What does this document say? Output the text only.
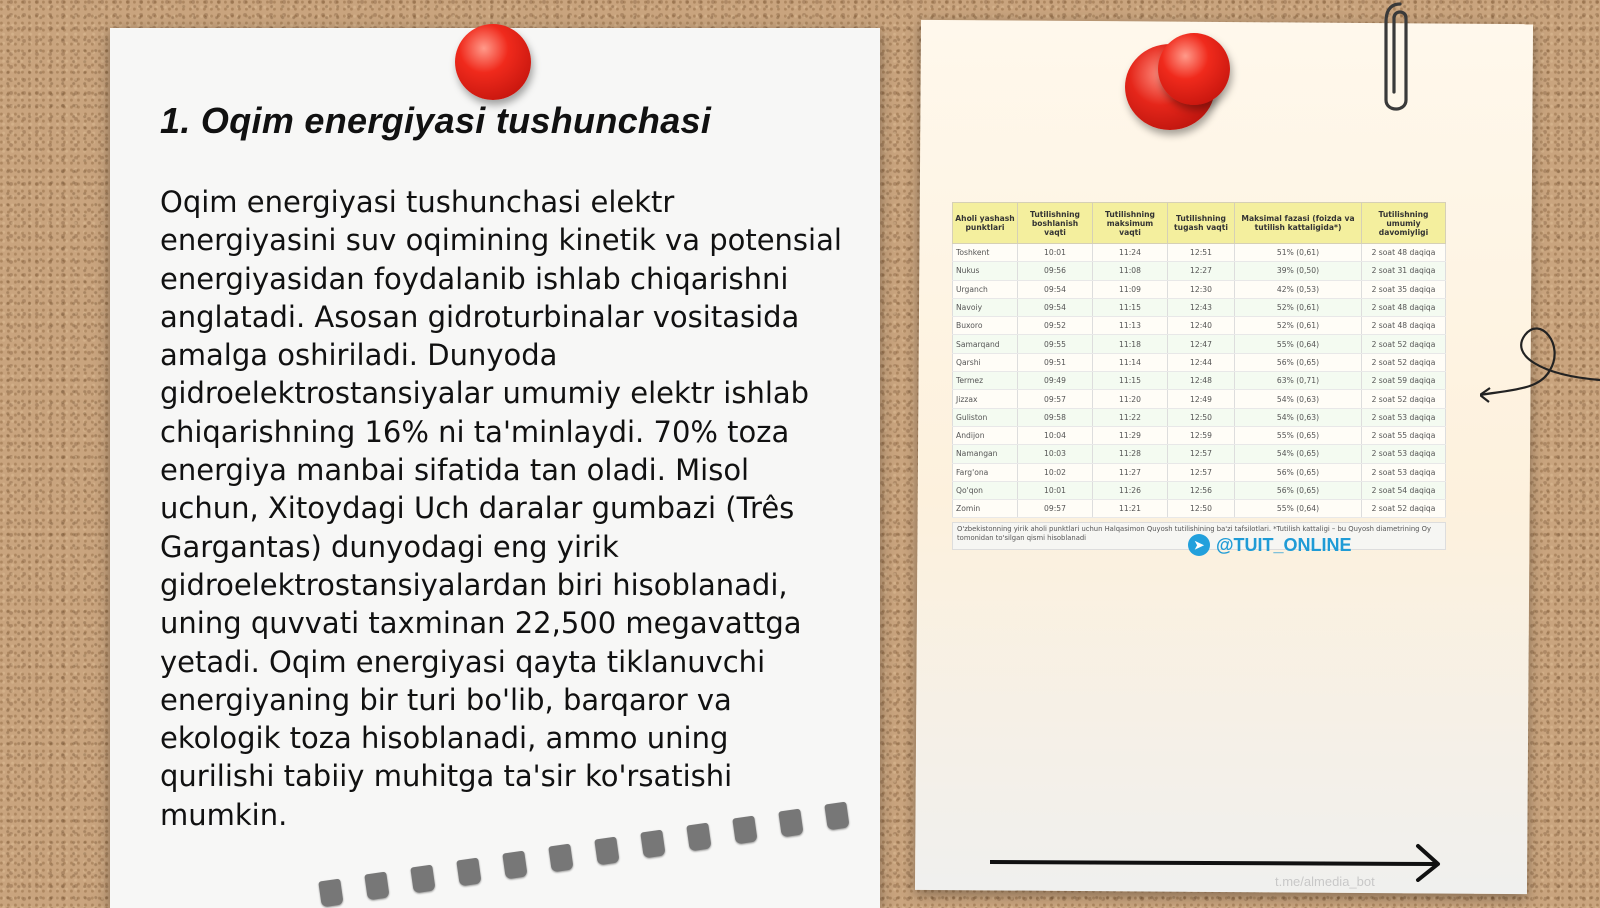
1. Oqim energiyasi tushunchasi

Oqim energiyasi tushunchasi elektr energiyasini suv oqimining kinetik va potensial energiyasidan foydalanib ishlab chiqarishni anglatadi. Asosan gidroturbinalar vositasida amalga oshiriladi. Dunyoda gidroelektrostansiyalar umumiy elektr ishlab chiqarishning 16% ni ta'minlaydi. 70% toza energiya manbai sifatida tan oladi. Misol uchun, Xitoydagi Uch daralar gumbazi (Três Gargantas) dunyodagi eng yirik gidroelektrostansiyalardan biri hisoblanadi, uning quvvati taxminan 22,500 megavattga yetadi. Oqim energiyasi qayta tiklanuvchi energiyaning bir turi bo'lib, barqaror va ekologik toza hisoblanadi, ammo uning qurilishi tabiiy muhitga ta'sir ko'rsatishi mumkin.

Aholi yashash punktlari	Tutilishning boshlanish vaqti	Tutilishning maksimum vaqti	Tutilishning tugash vaqti	Maksimal fazasi (foizda va tutilish kattaligida*)	Tutilishning umumiy davomiyligi
Toshkent	10:01	11:24	12:51	51% (0,61)	2 soat 48 daqiqa
Nukus	09:56	11:08	12:27	39% (0,50)	2 soat 31 daqiqa
Urganch	09:54	11:09	12:30	42% (0,53)	2 soat 35 daqiqa
Navoiy	09:54	11:15	12:43	52% (0,61)	2 soat 48 daqiqa
Buxoro	09:52	11:13	12:40	52% (0,61)	2 soat 48 daqiqa
Samarqand	09:55	11:18	12:47	55% (0,64)	2 soat 52 daqiqa
Qarshi	09:51	11:14	12:44	56% (0,65)	2 soat 52 daqiqa
Termez	09:49	11:15	12:48	63% (0,71)	2 soat 59 daqiqa
Jizzax	09:57	11:20	12:49	54% (0,63)	2 soat 52 daqiqa
Guliston	09:58	11:22	12:50	54% (0,63)	2 soat 53 daqiqa
Andijon	10:04	11:29	12:59	55% (0,65)	2 soat 55 daqiqa
Namangan	10:03	11:28	12:57	54% (0,65)	2 soat 53 daqiqa
Farg'ona	10:02	11:27	12:57	56% (0,65)	2 soat 53 daqiqa
Qo'qon	10:01	11:26	12:56	56% (0,65)	2 soat 54 daqiqa
Zomin	09:57	11:21	12:50	55% (0,64)	2 soat 52 daqiqa
O'zbekistonning yirik aholi punktlari uchun Halqasimon Quyosh tutilishining ba'zi tafsilotlari. *Tutilish kattaligi – bu Quyosh diametrining Oy tomonidan to'silgan qismi hisoblanadi	➤ @TUIT_ONLINE
t.me/almedia_bot
